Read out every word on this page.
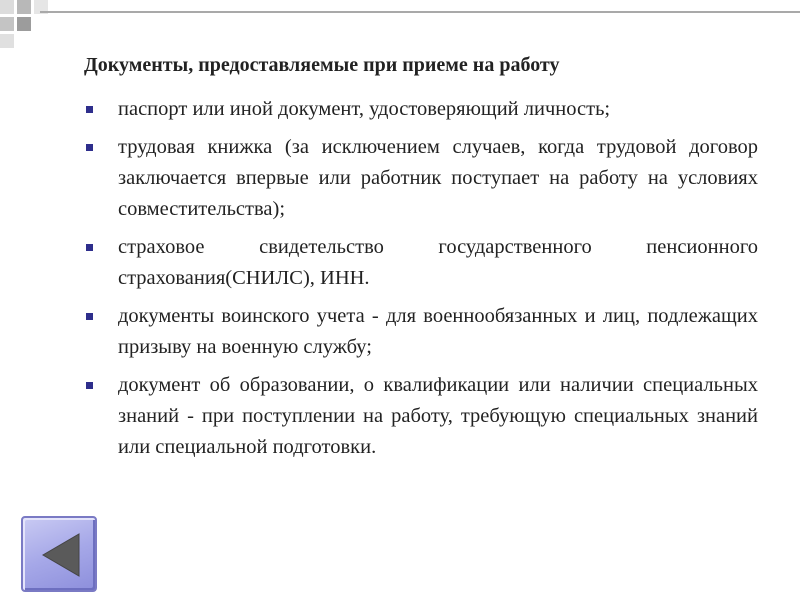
Документы, предоставляемые при приеме на работу
паспорт или иной документ, удостоверяющий личность;
трудовая книжка (за исключением случаев, когда трудовой договор заключается впервые или работник поступает на работу на условиях совместительства);
страховое свидетельство государственного пенсионного страхования(СНИЛС), ИНН.
документы воинского учета - для военнообязанных и лиц, подлежащих призыву на военную службу;
документ об образовании, о квалификации или наличии специальных знаний - при поступлении на работу, требующую специальных знаний или специальной подготовки.
